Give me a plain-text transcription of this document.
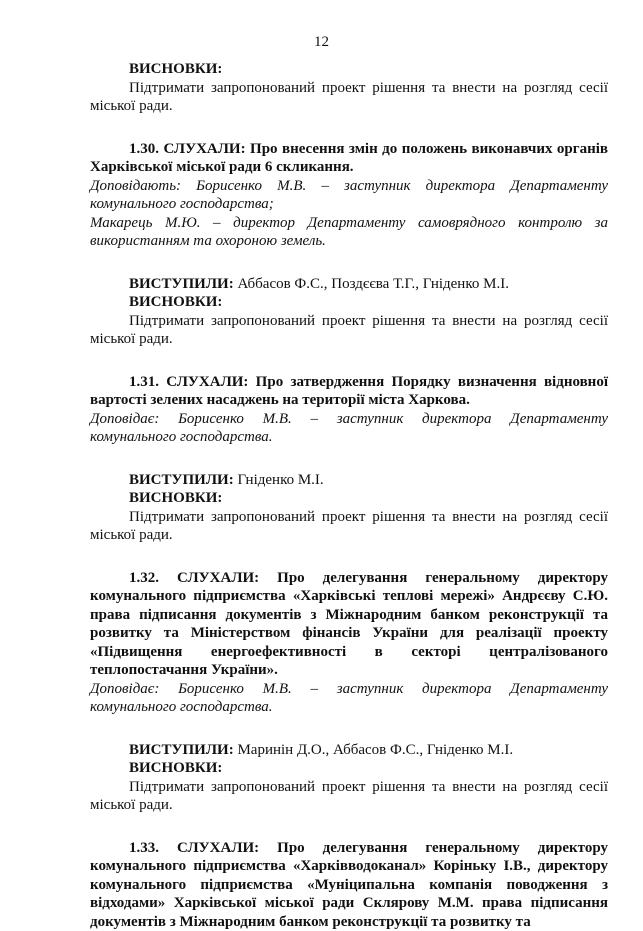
12

ВИСНОВКИ:

Підтримати запропонований проект рішення та внести на розгляд сесії міської ради.

1.30. СЛУХАЛИ: Про внесення змін до положень виконавчих органів Харківської міської ради 6 скликання.

Доповідають: Борисенко М.В. – заступник директора Департаменту комунального господарства;

Макарець М.Ю. – директор Департаменту самоврядного контролю за використанням та охороною земель.

ВИСТУПИЛИ: Аббасов Ф.С., Поздєєва Т.Г., Гніденко М.І.

ВИСНОВКИ:

Підтримати запропонований проект рішення та внести на розгляд сесії міської ради.

1.31. СЛУХАЛИ: Про затвердження Порядку визначення відновної вартості зелених насаджень на території міста Харкова.

Доповідає: Борисенко М.В. – заступник директора Департаменту комунального господарства.

ВИСТУПИЛИ: Гніденко М.І.

ВИСНОВКИ:

Підтримати запропонований проект рішення та внести на розгляд сесії міської ради.

1.32. СЛУХАЛИ: Про делегування генеральному директору комунального підприємства «Харківські теплові мережі» Андрєєву С.Ю. права підписання документів з Міжнародним банком реконструкції та розвитку та Міністерством фінансів України для реалізації проекту «Підвищення енергоефективності в секторі централізованого теплопостачання України».

Доповідає: Борисенко М.В. – заступник директора Департаменту комунального господарства.

ВИСТУПИЛИ: Маринін Д.О., Аббасов Ф.С., Гніденко М.І.

ВИСНОВКИ:

Підтримати запропонований проект рішення та внести на розгляд сесії міської ради.

1.33. СЛУХАЛИ: Про делегування генеральному директору комунального підприємства «Харківводоканал» Коріньку І.В., директору комунального підприємства «Муніципальна компанія поводження з відходами» Харківської міської ради Склярову М.М. права підписання документів з Міжнародним банком реконструкції та розвитку та
